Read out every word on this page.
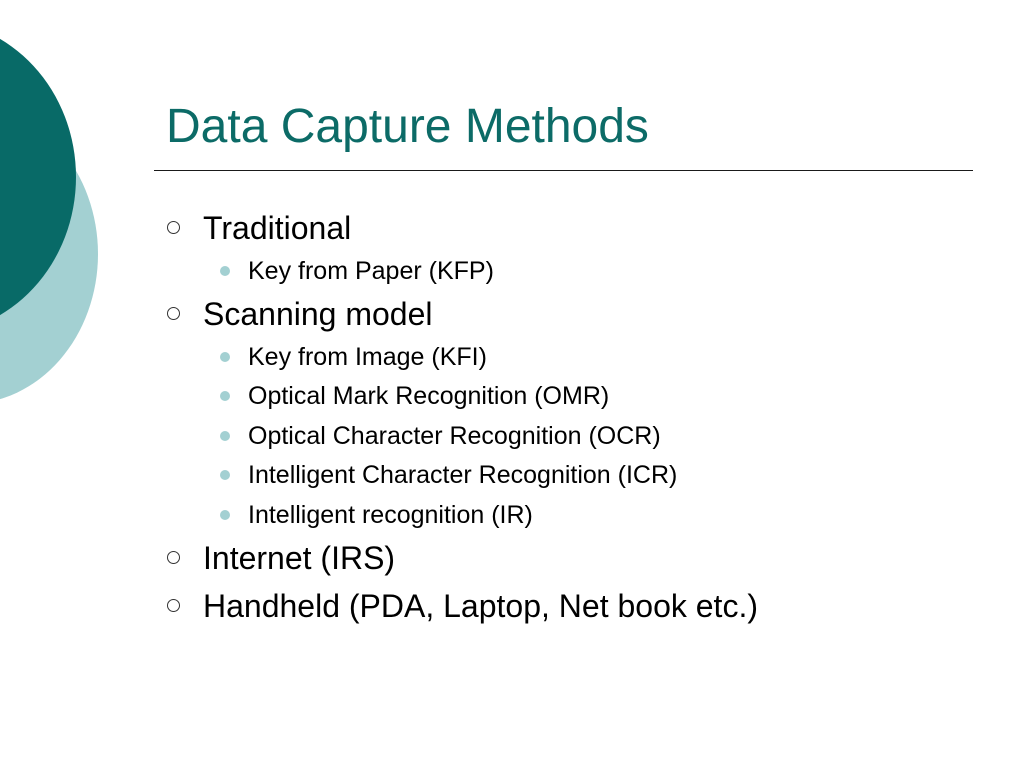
Data Capture Methods
Traditional
Key from Paper (KFP)
Scanning model
Key from Image (KFI)
Optical Mark Recognition (OMR)
Optical Character Recognition (OCR)
Intelligent Character Recognition (ICR)
Intelligent recognition (IR)
Internet (IRS)
Handheld (PDA, Laptop, Net book etc.)
